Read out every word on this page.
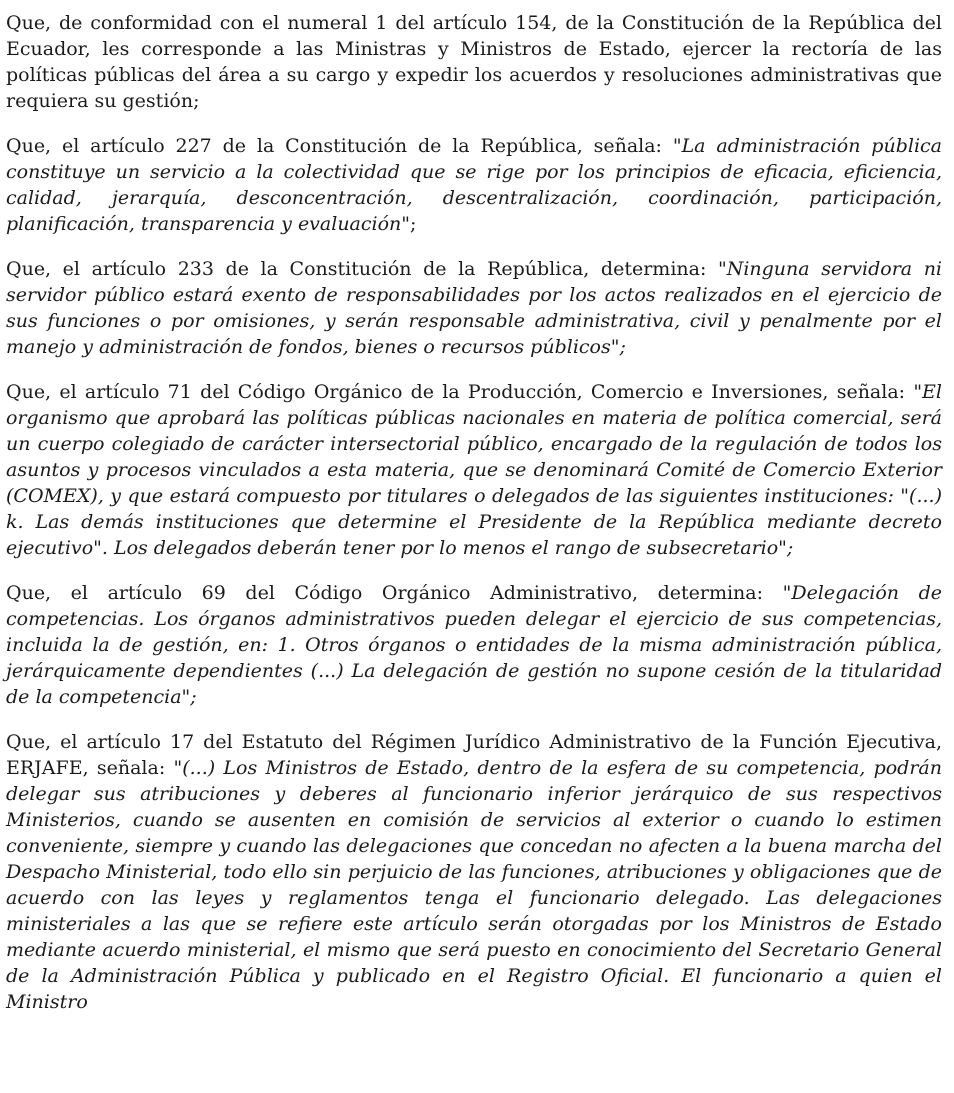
Que, de conformidad con el numeral 1 del artículo 154, de la Constitución de la República del Ecuador, les corresponde a las Ministras y Ministros de Estado, ejercer la rectoría de las políticas públicas del área a su cargo y expedir los acuerdos y resoluciones administrativas que requiera su gestión;

Que, el artículo 227 de la Constitución de la República, señala: "La administración pública constituye un servicio a la colectividad que se rige por los principios de eficacia, eficiencia, calidad, jerarquía, desconcentración, descentralización, coordinación, participación, planificación, transparencia y evaluación";

Que, el artículo 233 de la Constitución de la República, determina: "Ninguna servidora ni servidor público estará exento de responsabilidades por los actos realizados en el ejercicio de sus funciones o por omisiones, y serán responsable administrativa, civil y penalmente por el manejo y administración de fondos, bienes o recursos públicos";

Que, el artículo 71 del Código Orgánico de la Producción, Comercio e Inversiones, señala: "El organismo que aprobará las políticas públicas nacionales en materia de política comercial, será un cuerpo colegiado de carácter intersectorial público, encargado de la regulación de todos los asuntos y procesos vinculados a esta materia, que se denominará Comité de Comercio Exterior (COMEX), y que estará compuesto por titulares o delegados de las siguientes instituciones: "(...) k. Las demás instituciones que determine el Presidente de la República mediante decreto ejecutivo". Los delegados deberán tener por lo menos el rango de subsecretario";

Que, el artículo 69 del Código Orgánico Administrativo, determina: "Delegación de competencias. Los órganos administrativos pueden delegar el ejercicio de sus competencias, incluida la de gestión, en: 1. Otros órganos o entidades de la misma administración pública, jerárquicamente dependientes (...) La delegación de gestión no supone cesión de la titularidad de la competencia";

Que, el artículo 17 del Estatuto del Régimen Jurídico Administrativo de la Función Ejecutiva, ERJAFE, señala: "(...) Los Ministros de Estado, dentro de la esfera de su competencia, podrán delegar sus atribuciones y deberes al funcionario inferior jerárquico de sus respectivos Ministerios, cuando se ausenten en comisión de servicios al exterior o cuando lo estimen conveniente, siempre y cuando las delegaciones que concedan no afecten a la buena marcha del Despacho Ministerial, todo ello sin perjuicio de las funciones, atribuciones y obligaciones que de acuerdo con las leyes y reglamentos tenga el funcionario delegado. Las delegaciones ministeriales a las que se refiere este artículo serán otorgadas por los Ministros de Estado mediante acuerdo ministerial, el mismo que será puesto en conocimiento del Secretario General de la Administración Pública y publicado en el Registro Oficial. El funcionario a quien el Ministro
